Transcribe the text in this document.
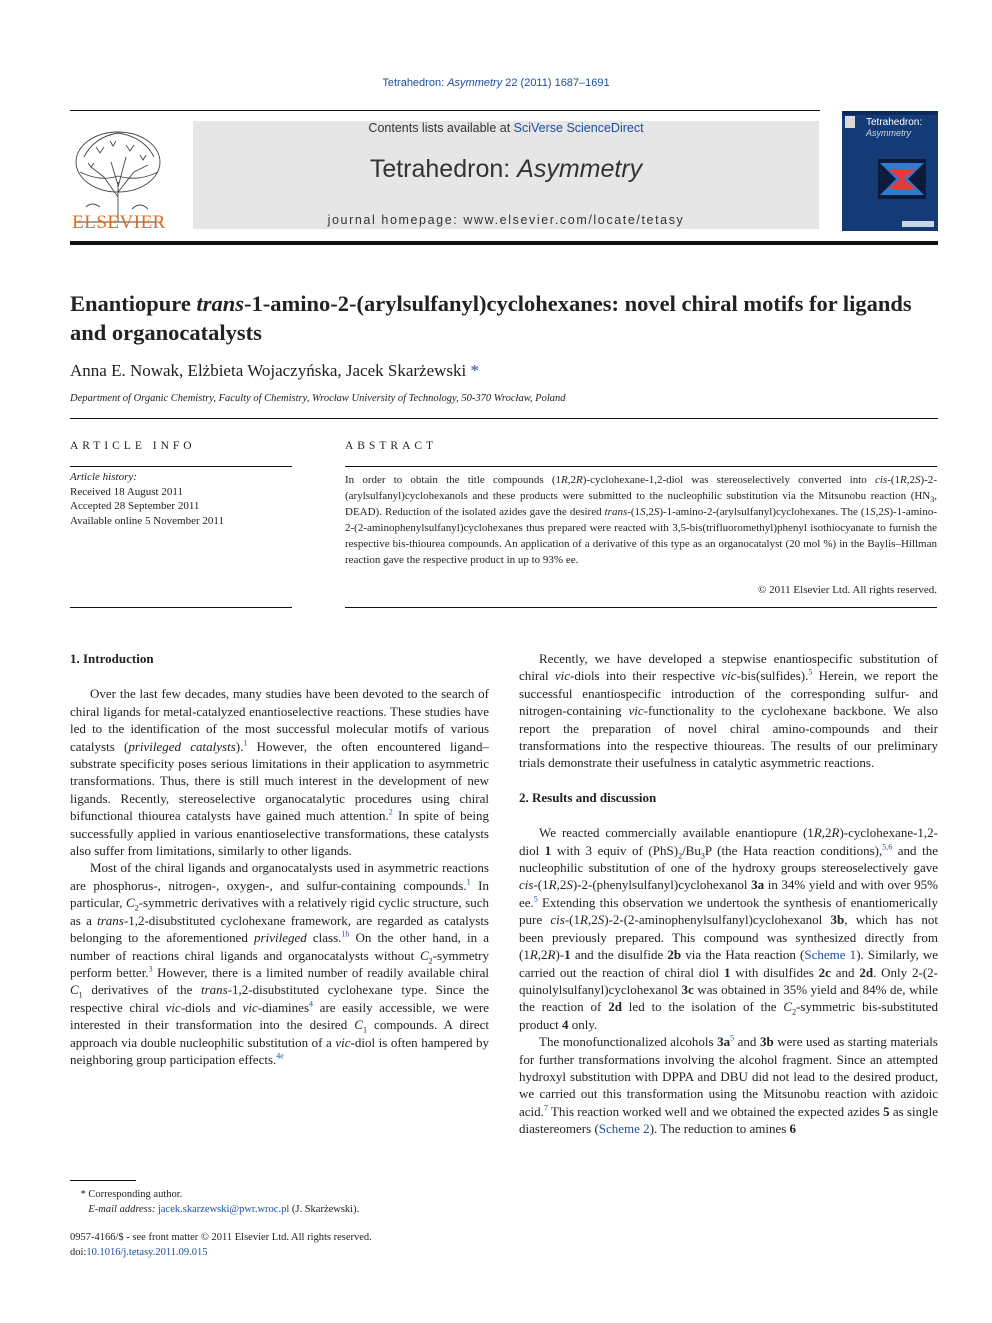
Tetrahedron: Asymmetry 22 (2011) 1687–1691
ELSEVIER
Contents lists available at SciVerse ScienceDirect
Tetrahedron: Asymmetry
journal homepage: www.elsevier.com/locate/tetasy
Tetrahedron:
Asymmetry
Enantiopure trans-1-amino-2-(arylsulfanyl)cyclohexanes: novel chiral motifs for ligands and organocatalysts
Anna E. Nowak, Elżbieta Wojaczyńska, Jacek Skarżewski *
Department of Organic Chemistry, Faculty of Chemistry, Wrocław University of Technology, 50-370 Wrocław, Poland
ARTICLE INFO
Article history:
Received 18 August 2011
Accepted 28 September 2011
Available online 5 November 2011
ABSTRACT
In order to obtain the title compounds (1R,2R)-cyclohexane-1,2-diol was stereoselectively converted into cis-(1R,2S)-2-(arylsulfanyl)cyclohexanols and these products were submitted to the nucleophilic substitution via the Mitsunobu reaction ($HN_3$, DEAD). Reduction of the isolated azides gave the desired trans-(1S,2S)-1-amino-2-(arylsulfanyl)cyclohexanes. The (1S,2S)-1-amino-2-(2-aminophenylsulfanyl)cyclohexanes thus prepared were reacted with 3,5-bis(trifluoromethyl)phenyl isothiocyanate to furnish the respective bis-thiourea compounds. An application of a derivative of this type as an organocatalyst (20 mol %) in the Baylis–Hillman reaction gave the respective product in up to 93% ee.
© 2011 Elsevier Ltd. All rights reserved.
1. Introduction

Over the last few decades, many studies have been devoted to the search of chiral ligands for metal-catalyzed enantioselective reactions. These studies have led to the identification of the most successful molecular motifs of various catalysts (privileged catalysts).$^1$ However, the often encountered ligand–substrate specificity poses serious limitations in their application to asymmetric transformations. Thus, there is still much interest in the development of new ligands. Recently, stereoselective organocatalytic procedures using chiral bifunctional thiourea catalysts have gained much attention.$^2$ In spite of being successfully applied in various enantioselective transformations, these catalysts also suffer from limitations, similarly to other ligands.

Most of the chiral ligands and organocatalysts used in asymmetric reactions are phosphorus-, nitrogen-, oxygen-, and sulfur-containing compounds.$^1$ In particular, $C_2$-symmetric derivatives with a relatively rigid cyclic structure, such as a trans-1,2-disubstituted cyclohexane framework, are regarded as catalysts belonging to the aforementioned privileged class.$^{1b}$ On the other hand, in a number of reactions chiral ligands and organocatalysts without $C_2$-symmetry perform better.$^3$ However, there is a limited number of readily available chiral $C_1$ derivatives of the trans-1,2-disubstituted cyclohexane type. Since the respective chiral vic-diols and vic-diamines$^4$ are easily accessible, we were interested in their transformation into the desired $C_1$ compounds. A direct approach via double nucleophilic substitution of a vic-diol is often hampered by neighboring group participation effects.$^{4e}$

Recently, we have developed a stepwise enantiospecific substitution of chiral vic-diols into their respective vic-bis(sulfides).$^5$ Herein, we report the successful enantiospecific introduction of the corresponding sulfur- and nitrogen-containing vic-functionality to the cyclohexane backbone. We also report the preparation of novel chiral amino-compounds and their transformations into the respective thioureas. The results of our preliminary trials demonstrate their usefulness in catalytic asymmetric reactions.

2. Results and discussion

We reacted commercially available enantiopure (1R,2R)-cyclohexane-1,2-diol 1 with 3 equiv of $(PhS)_2/Bu_3P$ (the Hata reaction conditions),$^{5,6}$ and the nucleophilic substitution of one of the hydroxy groups stereoselectively gave cis-(1R,2S)-2-(phenylsulfanyl)cyclohexanol 3a in 34% yield and with over 95% ee.$^5$ Extending this observation we undertook the synthesis of enantiomerically pure cis-(1R,2S)-2-(2-aminophenylsulfanyl)cyclohexanol 3b, which has not been previously prepared. This compound was synthesized directly from (1R,2R)-1 and the disulfide 2b via the Hata reaction (Scheme 1). Similarly, we carried out the reaction of chiral diol 1 with disulfides 2c and 2d. Only 2-(2-quinolylsulfanyl)cyclohexanol 3c was obtained in 35% yield and 84% de, while the reaction of 2d led to the isolation of the $C_2$-symmetric bis-substituted product 4 only.

The monofunctionalized alcohols $3a^5$ and 3b were used as starting materials for further transformations involving the alcohol fragment. Since an attempted hydroxyl substitution with DPPA and DBU did not lead to the desired product, we carried out this transformation using the Mitsunobu reaction with azidoic acid.$^7$ This reaction worked well and we obtained the expected azides 5 as single diastereomers (Scheme 2). The reduction to amines 6

* Corresponding author.
E-mail address: jacek.skarzewski@pwr.wroc.pl (J. Skarżewski).
0957-4166/$ - see front matter © 2011 Elsevier Ltd. All rights reserved.
doi:10.1016/j.tetasy.2011.09.015
